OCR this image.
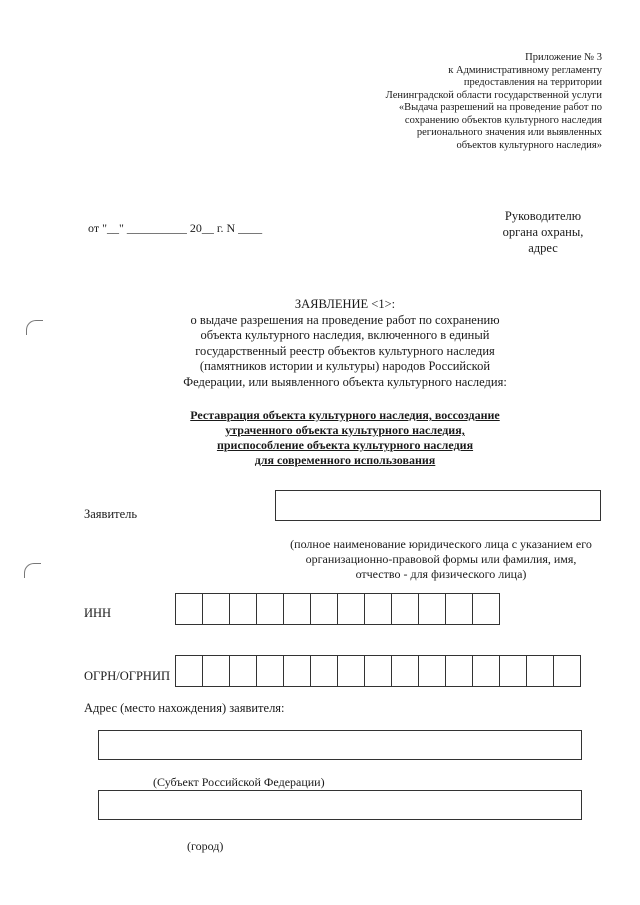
Приложение № 3
к Административному регламенту
предоставления на территории
Ленинградской области государственной услуги
«Выдача разрешений на проведение работ по
сохранению объектов культурного наследия
регионального значения или выявленных
объектов культурного наследия»
Руководителю
органа охраны,
адрес
от "__" __________ 20__ г. N ____
ЗАЯВЛЕНИЕ <1>:
о выдаче разрешения на проведение работ по сохранению
объекта культурного наследия, включенного в единый
государственный реестр объектов культурного наследия
(памятников истории и культуры) народов Российской
Федерации, или выявленного объекта культурного наследия:
Реставрация объекта культурного наследия, воссоздание
утраченного объекта культурного наследия,
приспособление объекта культурного наследия
для современного использования
Заявитель
(полное наименование юридического лица с указанием его
организационно-правовой формы или фамилия, имя,
отчество - для физического лица)
ИНН
ОГРН/ОГРНИП
Адрес (место нахождения) заявителя:
(Субъект Российской Федерации)
(город)
